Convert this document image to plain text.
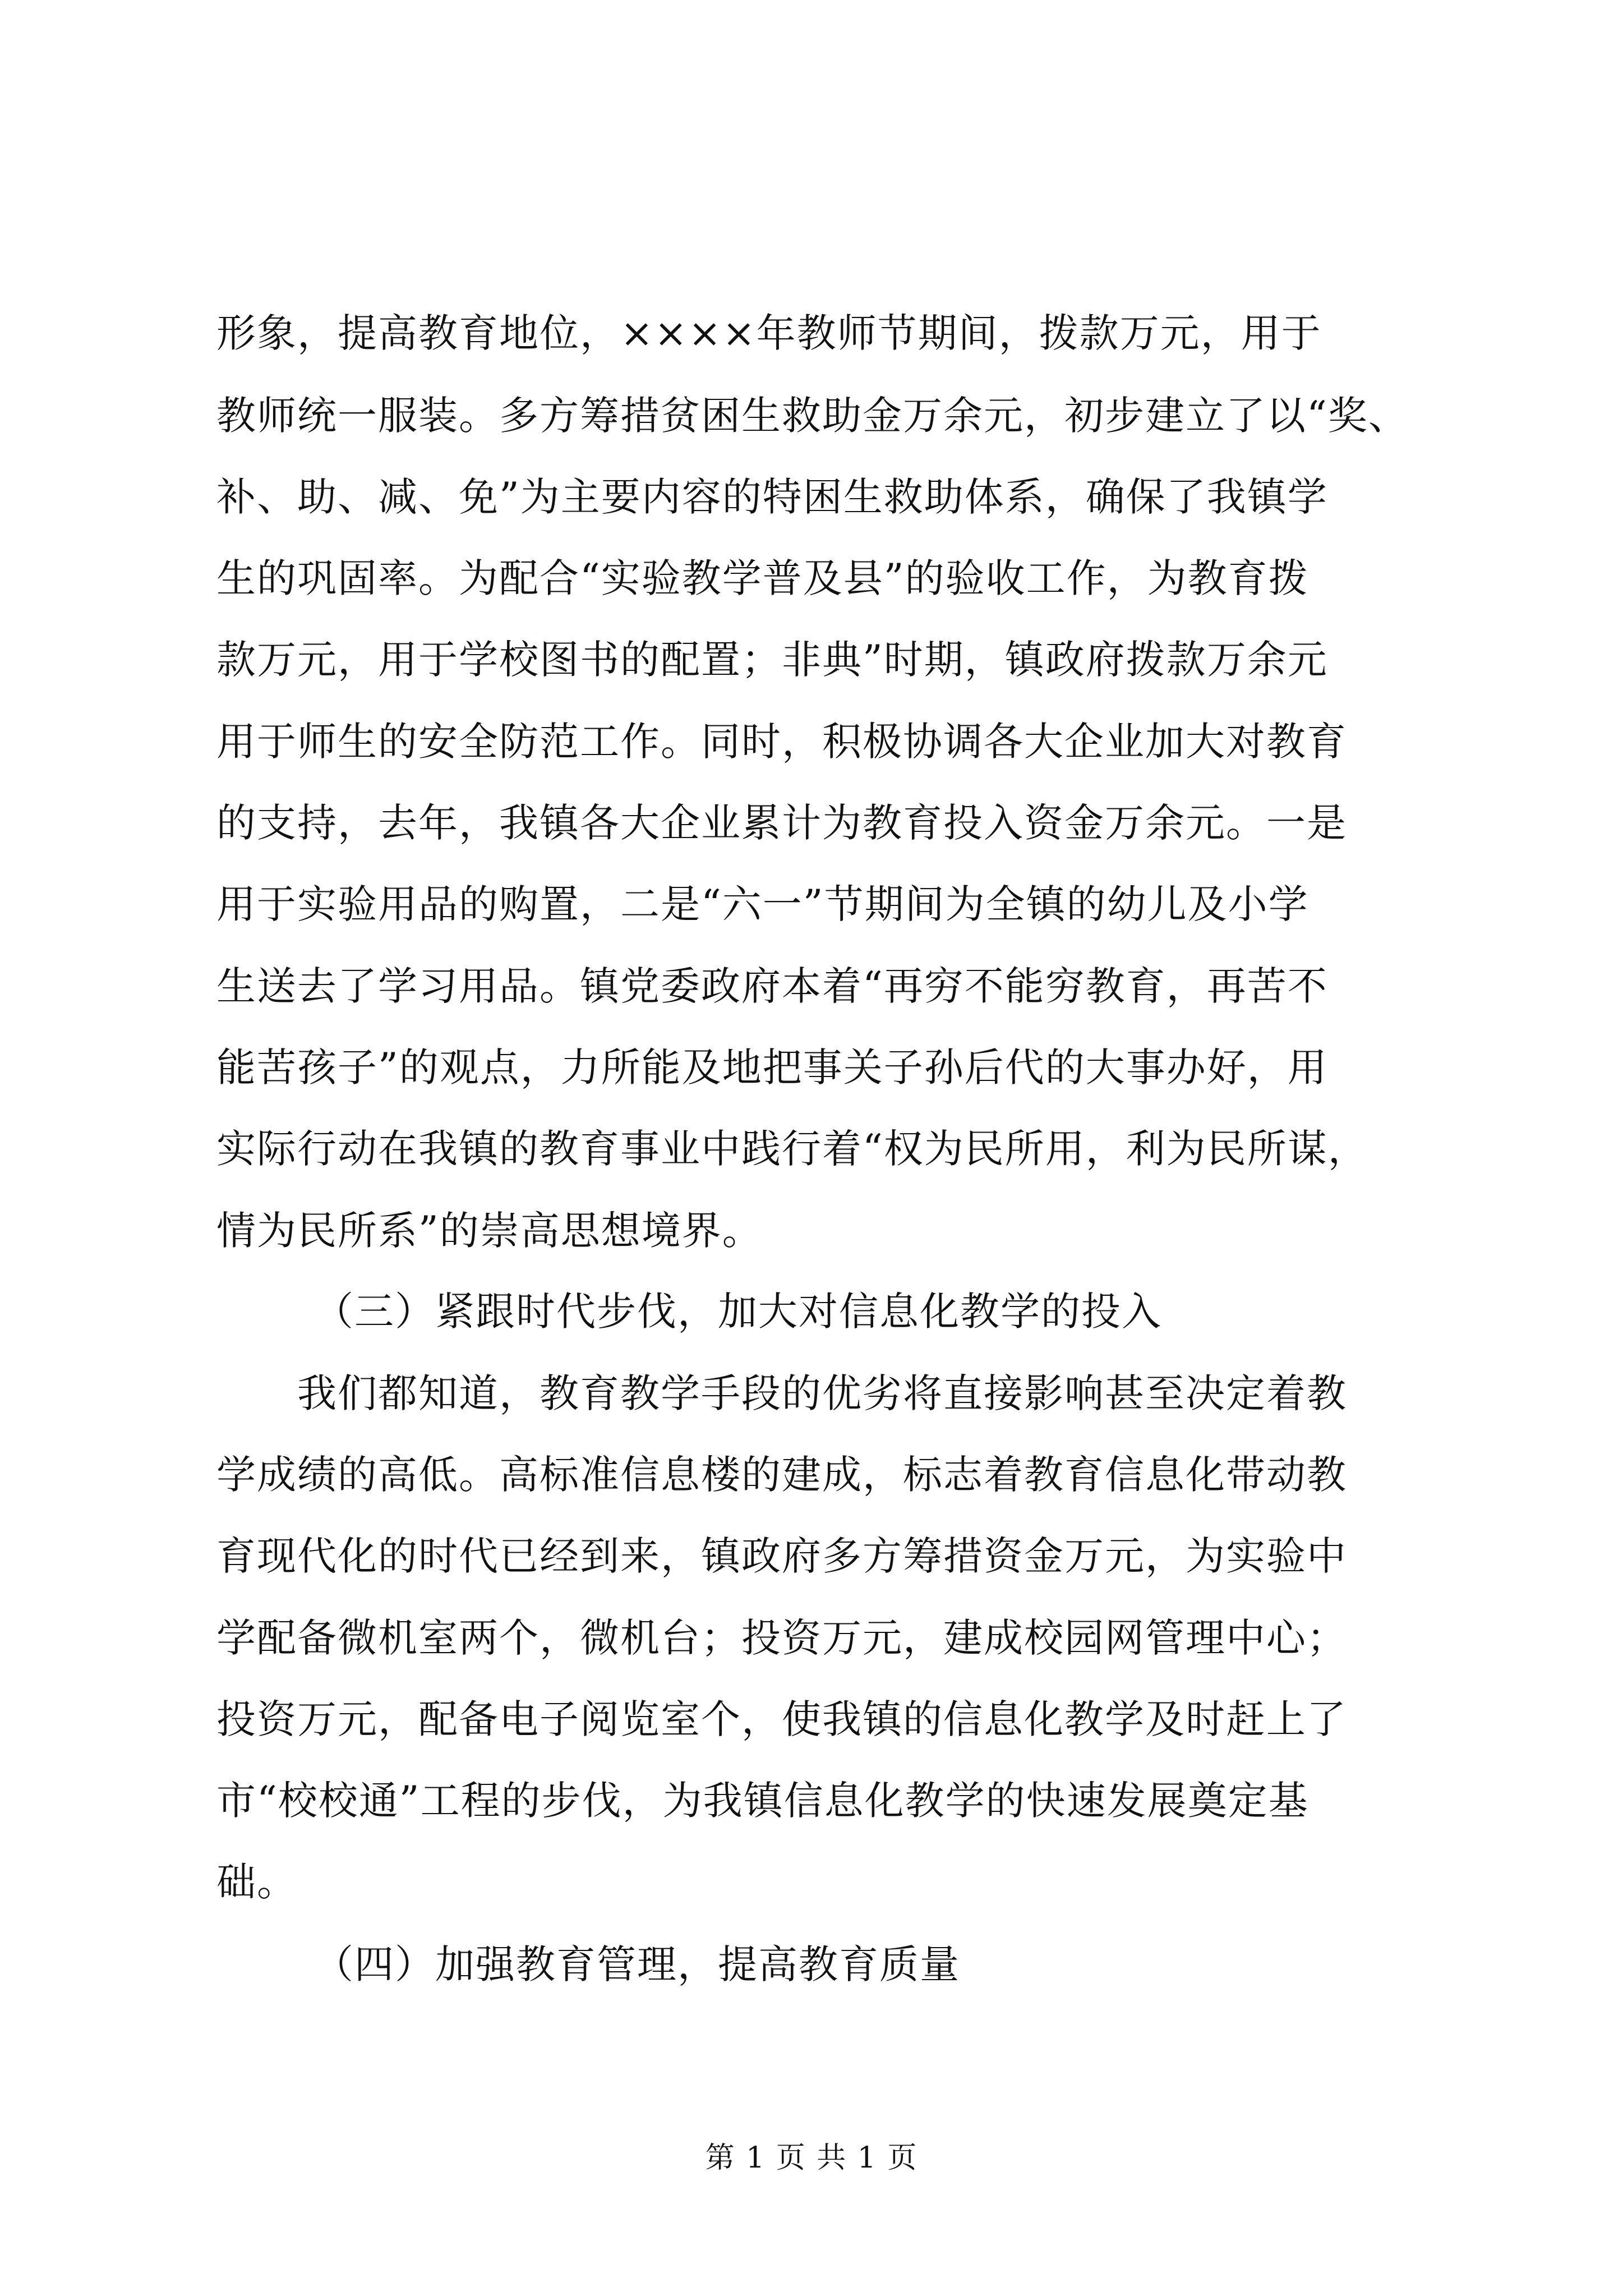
形象，提高教育地位，××××年教师节期间，拨款万元，用于
教师统一服装。多方筹措贫困生救助金万余元，初步建立了以“奖、
补、助、减、免”为主要内容的特困生救助体系，确保了我镇学
生的巩固率。为配合“实验教学普及县”的验收工作，为教育拨
款万元，用于学校图书的配置；非典”时期，镇政府拨款万余元
用于师生的安全防范工作。同时，积极协调各大企业加大对教育
的支持，去年，我镇各大企业累计为教育投入资金万余元。一是
用于实验用品的购置，二是“六一”节期间为全镇的幼儿及小学
生送去了学习用品。镇党委政府本着“再穷不能穷教育，再苦不
能苦孩子”的观点，力所能及地把事关子孙后代的大事办好，用
实际行动在我镇的教育事业中践行着“权为民所用，利为民所谋，
情为民所系”的崇高思想境界。
（三）紧跟时代步伐，加大对信息化教学的投入
我们都知道，教育教学手段的优劣将直接影响甚至决定着教
学成绩的高低。高标准信息楼的建成，标志着教育信息化带动教
育现代化的时代已经到来，镇政府多方筹措资金万元，为实验中
学配备微机室两个，微机台；投资万元，建成校园网管理中心；
投资万元，配备电子阅览室个，使我镇的信息化教学及时赶上了
市“校校通”工程的步伐，为我镇信息化教学的快速发展奠定基
础。
（四）加强教育管理，提高教育质量
第 1 页 共 1 页
